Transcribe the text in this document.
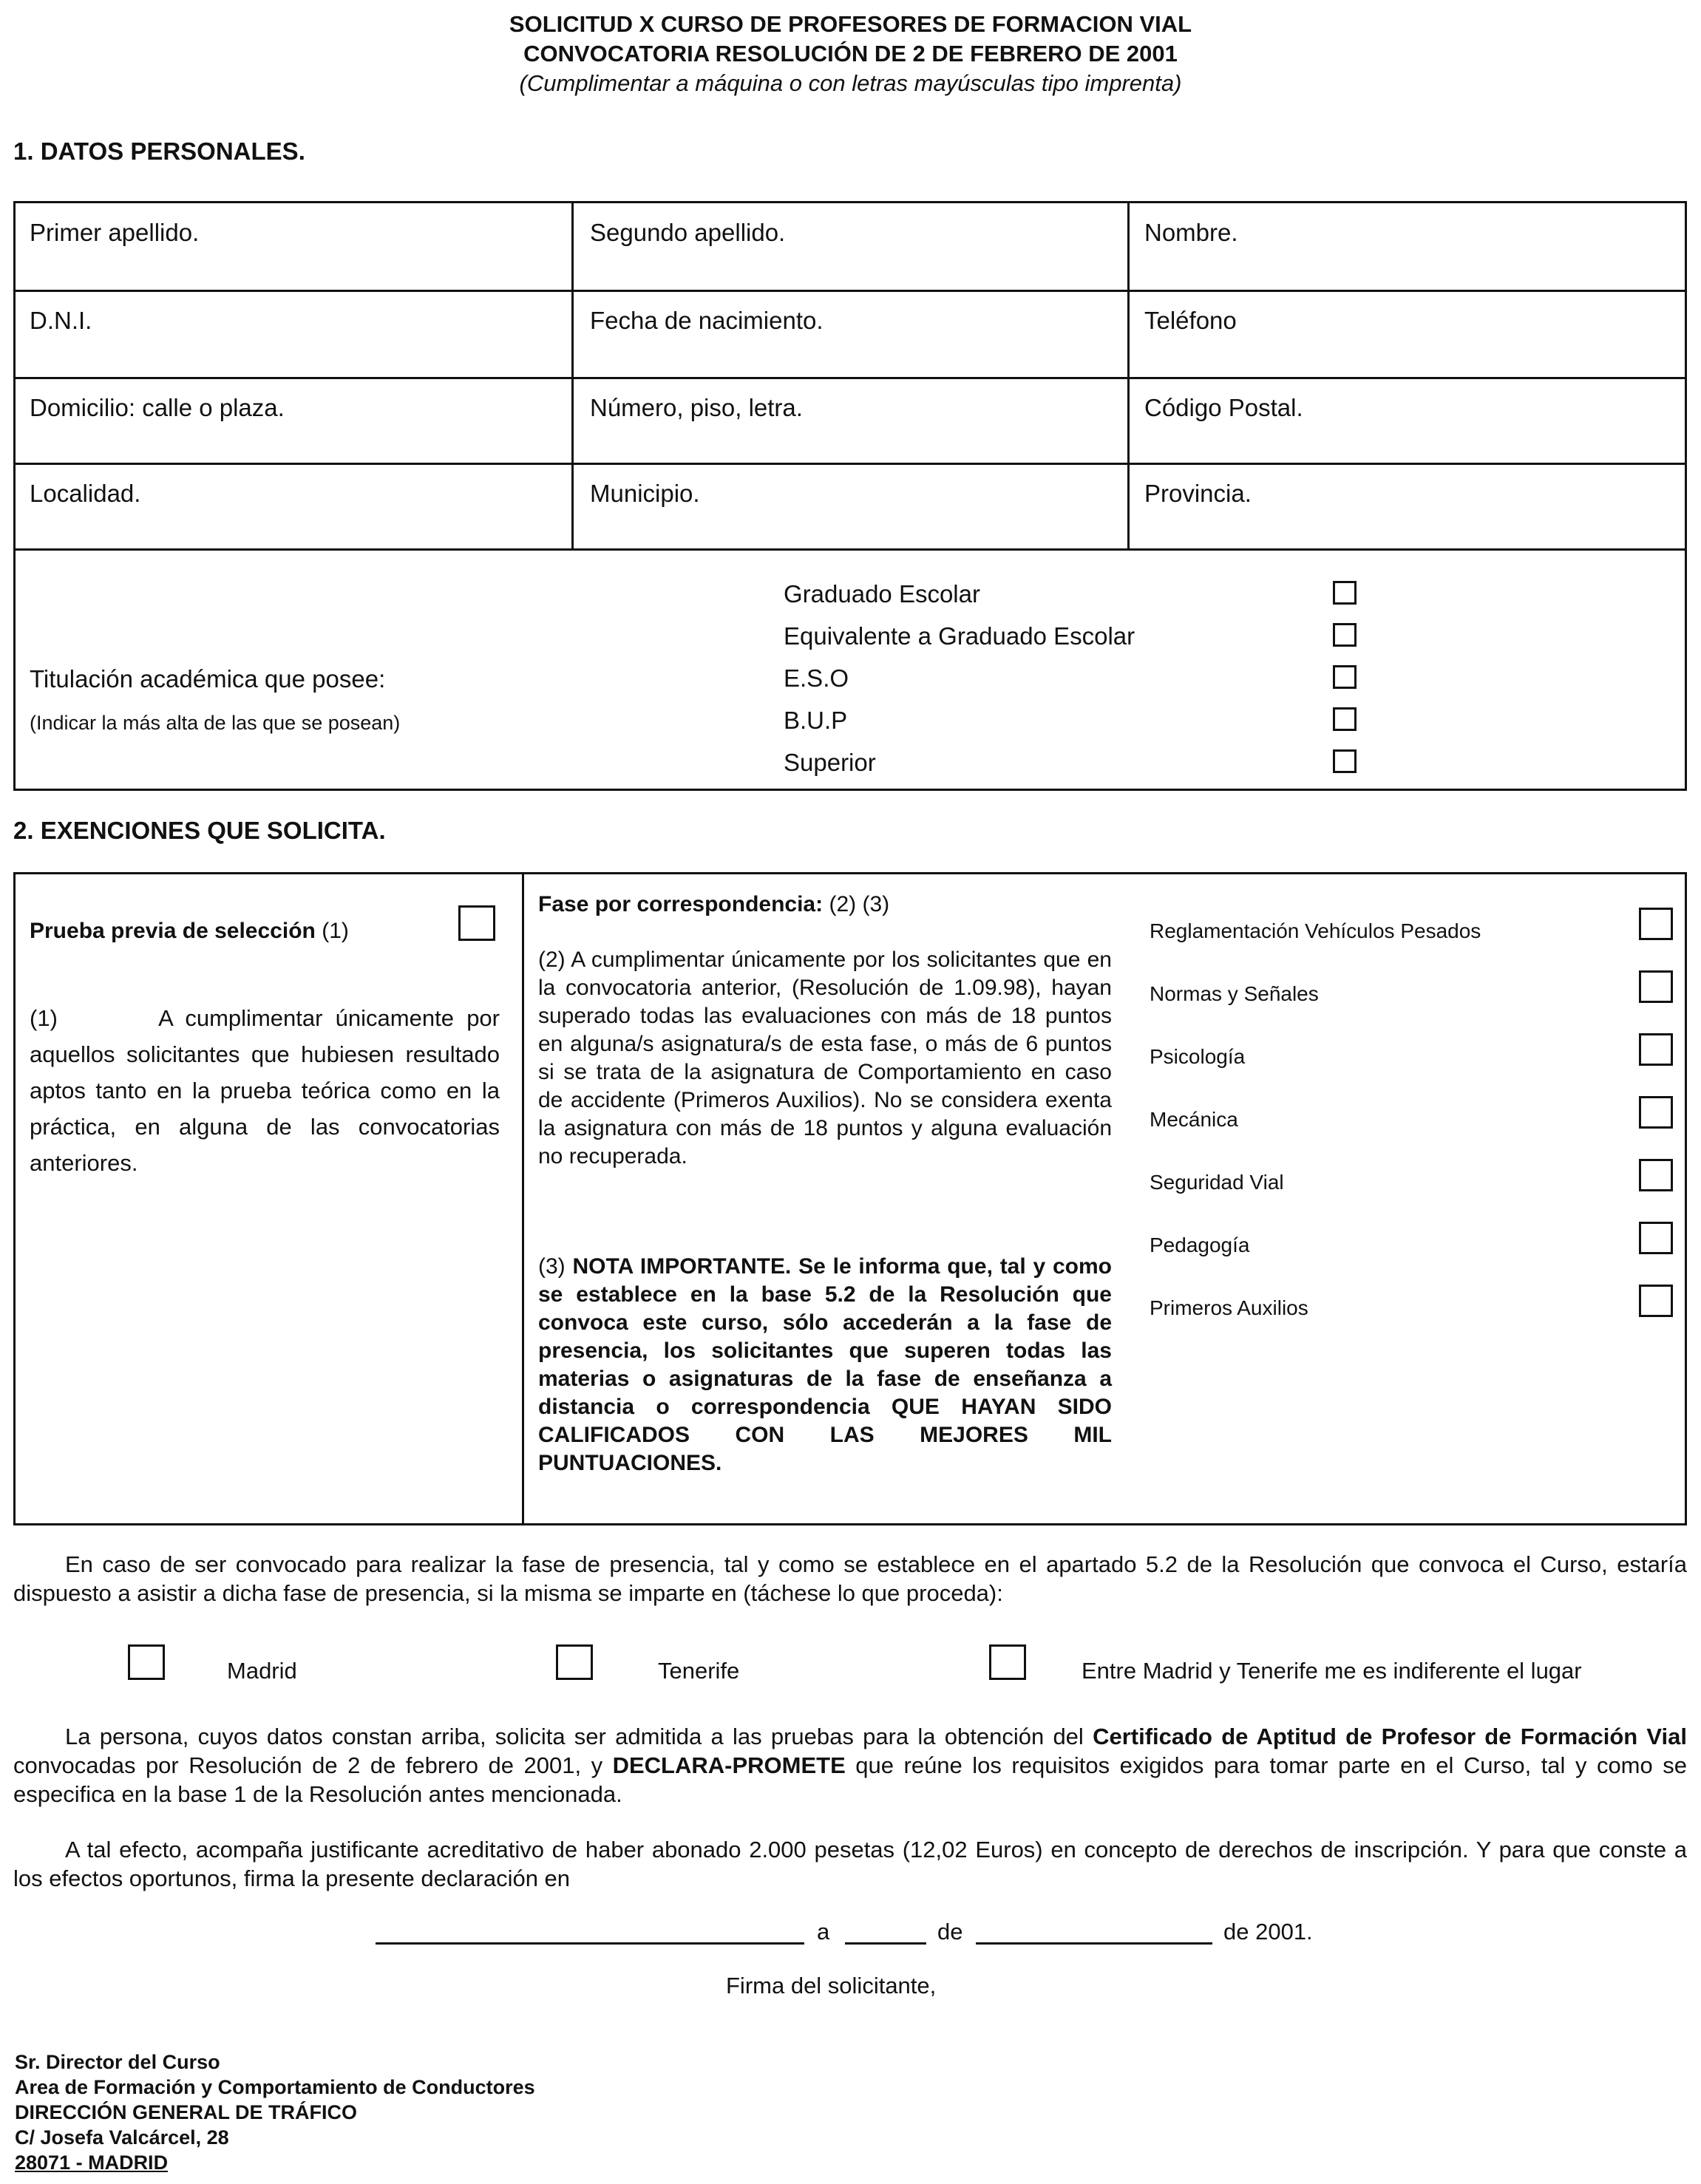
SOLICITUD X CURSO DE PROFESORES DE FORMACION VIAL
CONVOCATORIA RESOLUCIÓN DE 2 DE FEBRERO DE 2001
(Cumplimentar a máquina o con letras mayúsculas tipo imprenta)
1. DATOS PERSONALES.
Primer apellido.	Segundo apellido.	Nombre.
D.N.I.	Fecha de nacimiento.	Teléfono
Domicilio: calle o plaza.	Número, piso, letra.	Código Postal.
Localidad.	Municipio.	Provincia.
Titulación académica que posee:
(Indicar la más alta de las que se posean)
Graduado Escolar
Equivalente a Graduado Escolar
E.S.O
B.U.P
Superior
2. EXENCIONES QUE SOLICITA.
Prueba previa de selección (1)
(1)	A cumplimentar únicamente por aquellos solicitantes que hubiesen resultado aptos tanto en la prueba teórica como en la práctica, en alguna de las convocatorias anteriores.
Fase por correspondencia: (2) (3)
(2) A cumplimentar únicamente por los solicitantes que en la convocatoria anterior, (Resolución de 1.09.98), hayan superado todas las evaluaciones con más de 18 puntos en alguna/s asignatura/s de esta fase, o más de 6 puntos si se trata de la asignatura de Comportamiento en caso de accidente (Primeros Auxilios). No se considera exenta la asignatura con más de 18 puntos y alguna evaluación no recuperada.
(3) NOTA IMPORTANTE. Se le informa que, tal y como se establece en la base 5.2 de la Resolución que convoca este curso, sólo accederán a la fase de presencia, los solicitantes que superen todas las materias o asignaturas de la fase de enseñanza a distancia o correspondencia QUE HAYAN SIDO CALIFICADOS CON LAS MEJORES MIL PUNTUACIONES.
Reglamentación Vehículos Pesados
Normas y Señales
Psicología
Mecánica
Seguridad Vial
Pedagogía
Primeros Auxilios
En caso de ser convocado para realizar la fase de presencia, tal y como se establece en el apartado 5.2 de la Resolución que convoca el Curso, estaría dispuesto a asistir a dicha fase de presencia, si la misma se imparte en (táchese lo que proceda):
Madrid	Tenerife	Entre Madrid y Tenerife me es indiferente el lugar
La persona, cuyos datos constan arriba, solicita ser admitida a las pruebas para la obtención del Certificado de Aptitud de Profesor de Formación Vial convocadas por Resolución de 2 de febrero de 2001, y DECLARA-PROMETE que reúne los requisitos exigidos para tomar parte en el Curso, tal y como se especifica en la base 1 de la Resolución antes mencionada.
A tal efecto, acompaña justificante acreditativo de haber abonado 2.000 pesetas (12,02 Euros) en concepto de derechos de inscripción. Y para que conste a los efectos oportunos, firma la presente declaración en
a	de	de 2001.
Firma del solicitante,
Sr. Director del Curso
Area de Formación y Comportamiento de Conductores
DIRECCIÓN GENERAL DE TRÁFICO
C/ Josefa Valcárcel, 28
28071 - MADRID
